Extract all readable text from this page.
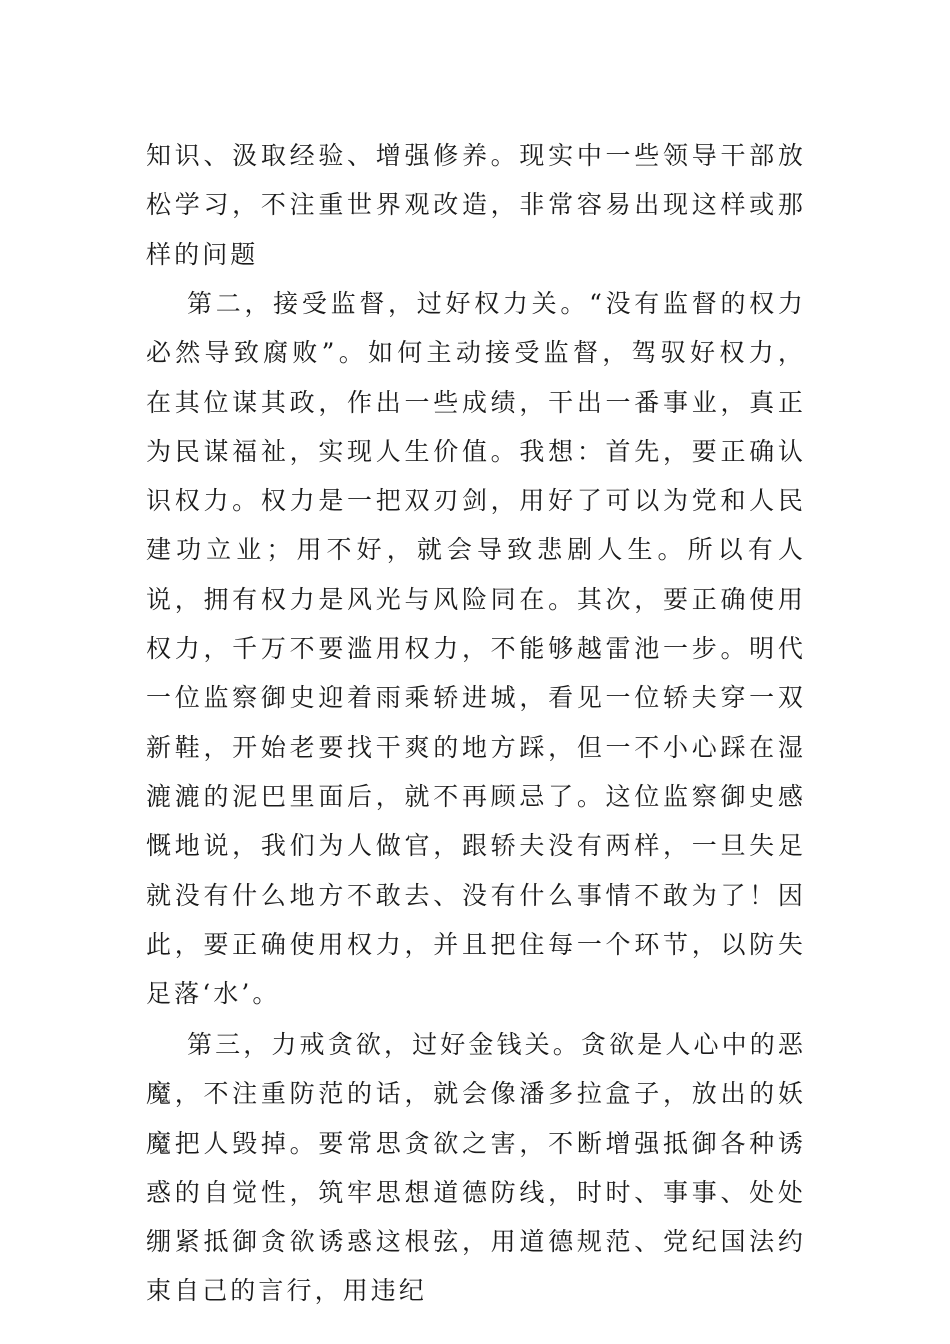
知识、汲取经验、增强修养。现实中一些领导干部放松学习，不注重世界观改造，非常容易出现这样或那样的问题

第二，接受监督，过好权力关。“没有监督的权力必然导致腐败”。如何主动接受监督，驾驭好权力，在其位谋其政，作出一些成绩，干出一番事业，真正为民谋福祉，实现人生价值。我想：首先，要正确认识权力。权力是一把双刃剑，用好了可以为党和人民建功立业；用不好，就会导致悲剧人生。所以有人说，拥有权力是风光与风险同在。其次，要正确使用权力，千万不要滥用权力，不能够越雷池一步。明代一位监察御史迎着雨乘轿进城，看见一位轿夫穿一双新鞋，开始老要找干爽的地方踩，但一不小心踩在湿漉漉的泥巴里面后，就不再顾忌了。这位监察御史感慨地说，我们为人做官，跟轿夫没有两样，一旦失足就没有什么地方不敢去、没有什么事情不敢为了！因此，要正确使用权力，并且把住每一个环节，以防失足落‘水’。

第三，力戒贪欲，过好金钱关。贪欲是人心中的恶魔，不注重防范的话，就会像潘多拉盒子，放出的妖魔把人毁掉。要常思贪欲之害，不断增强抵御各种诱惑的自觉性，筑牢思想道德防线，时时、事事、处处绷紧抵御贪欲诱惑这根弦，用道德规范、党纪国法约束自己的言行，用违纪
